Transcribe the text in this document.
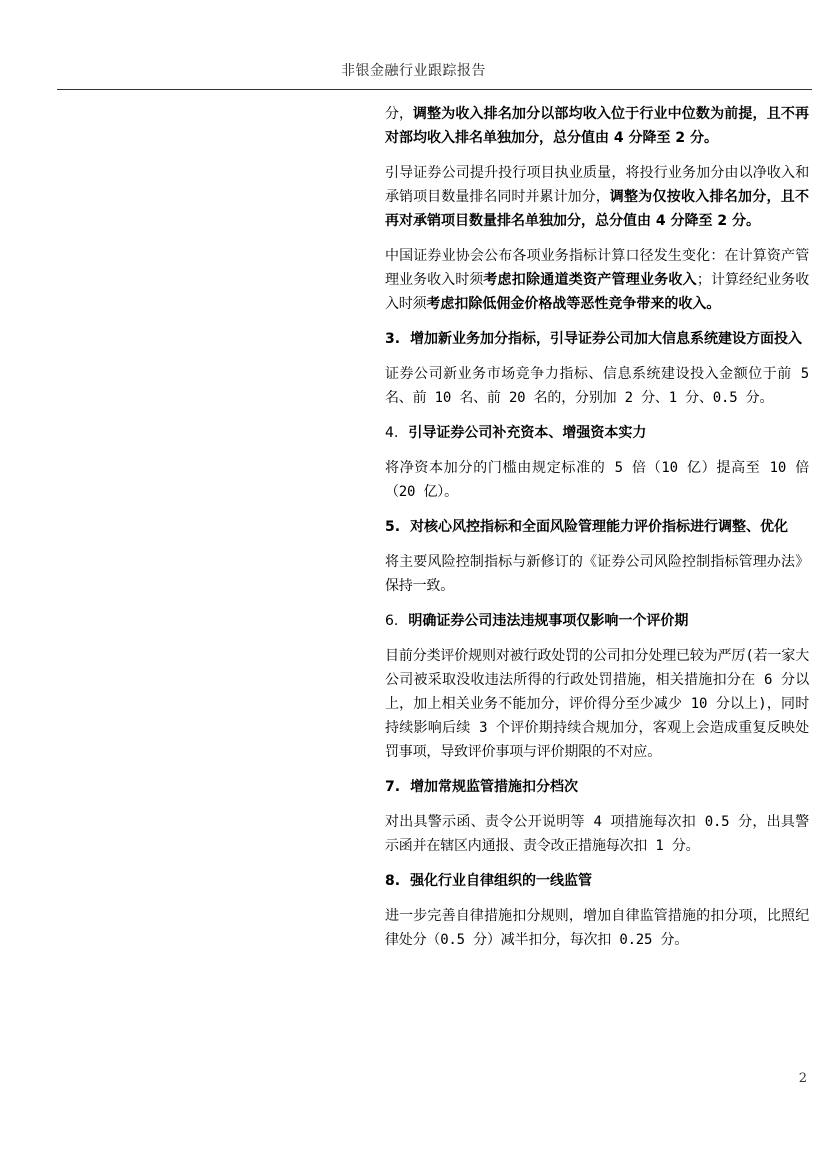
非银金融行业跟踪报告

分，调整为收入排名加分以部均收入位于行业中位数为前提，且不再对部均收入排名单独加分，总分值由 4 分降至 2 分。

引导证券公司提升投行项目执业质量，将投行业务加分由以净收入和承销项目数量排名同时并累计加分，调整为仅按收入排名加分，且不再对承销项目数量排名单独加分，总分值由 4 分降至 2 分。

中国证券业协会公布各项业务指标计算口径发生变化：在计算资产管理业务收入时须考虑扣除通道类资产管理业务收入；计算经纪业务收入时须考虑扣除低佣金价格战等恶性竞争带来的收入。

3. 增加新业务加分指标，引导证券公司加大信息系统建设方面投入

证券公司新业务市场竞争力指标、信息系统建设投入金额位于前 5 名、前 10 名、前 20 名的，分别加 2 分、1 分、0.5 分。

4. 引导证券公司补充资本、增强资本实力

将净资本加分的门槛由规定标准的 5 倍（10 亿）提高至 10 倍（20 亿）。

5. 对核心风控指标和全面风险管理能力评价指标进行调整、优化

将主要风险控制指标与新修订的《证券公司风险控制指标管理办法》保持一致。

6. 明确证券公司违法违规事项仅影响一个评价期

目前分类评价规则对被行政处罚的公司扣分处理已较为严厉(若一家大公司被采取没收违法所得的行政处罚措施，相关措施扣分在 6 分以上，加上相关业务不能加分，评价得分至少减少 10 分以上)，同时持续影响后续 3 个评价期持续合规加分，客观上会造成重复反映处罚事项，导致评价事项与评价期限的不对应。

7. 增加常规监管措施扣分档次

对出具警示函、责令公开说明等 4 项措施每次扣 0.5 分，出具警示函并在辖区内通报、责令改正措施每次扣 1 分。

8. 强化行业自律组织的一线监管

进一步完善自律措施扣分规则，增加自律监管措施的扣分项，比照纪律处分（0.5 分）减半扣分，每次扣 0.25 分。

2
